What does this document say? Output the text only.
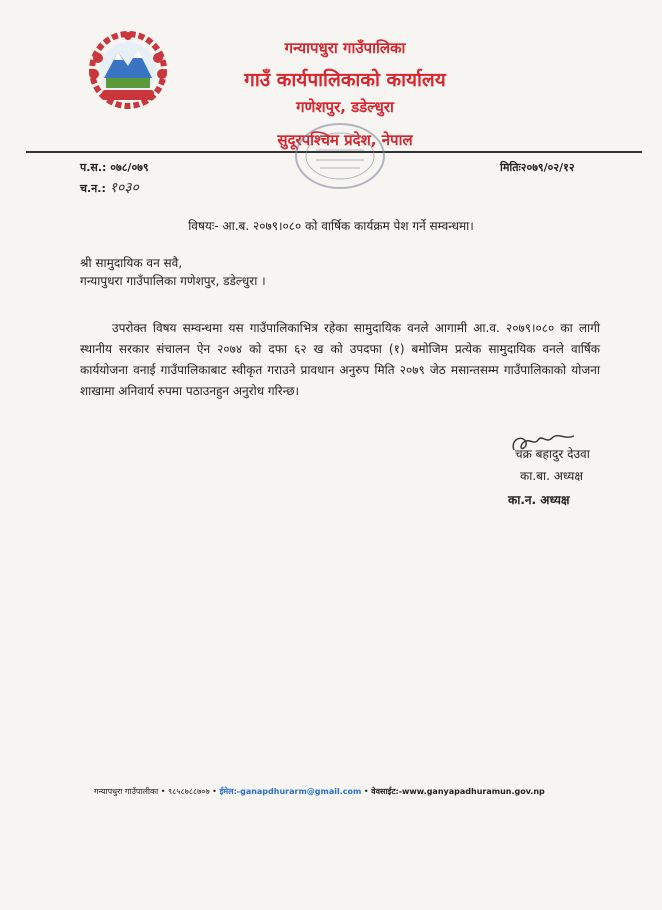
गन्यापधुरा गाउँपालिका
गाउँ कार्यपालिकाको कार्यालय
गणेशपुर, डडेल्धुरा
सुदूरपश्चिम प्रदेश, नेपाल
प.स.: ०७८/०७९
च.न.: १०३०
मितिः२०७९/०२/१२
विषयः- आ.ब. २०७९।०८० को वार्षिक कार्यक्रम पेश गर्ने सम्वन्धमा।
श्री सामुदायिक वन सवै,
गन्यापुधरा गाउँपालिका गणेशपुर, डडेल्धुरा ।
उपरोक्त विषय सम्वन्धमा यस गाउँपालिकाभित्र रहेका सामुदायिक वनले आगामी आ.व. २०७९।०८० का लागी स्थानीय सरकार संचालन ऐन २०७४ को दफा ६२ ख को उपदफा (१) बमोजिम प्रत्येक सामुदायिक वनले वार्षिक कार्ययोजना वनाई गाउँपालिकाबाट स्वीकृत गराउने प्रावधान अनुरुप मिति २०७९ जेठ मसान्तसम्म गाउँपालिकाको योजना शाखामा अनिवार्य रुपमा पठाउनहुन अनुरोध गरिन्छ।
चक्र बहादुर देउवा
का.बा. अध्यक्ष
का.न. अध्यक्ष
गन्यापधुरा गाउँपालीका • ९८५८७८८७०७ • ईमेल:-ganapdhurarm@gmail.com • वेवसाईट:-www.ganyapadhuramun.gov.np
